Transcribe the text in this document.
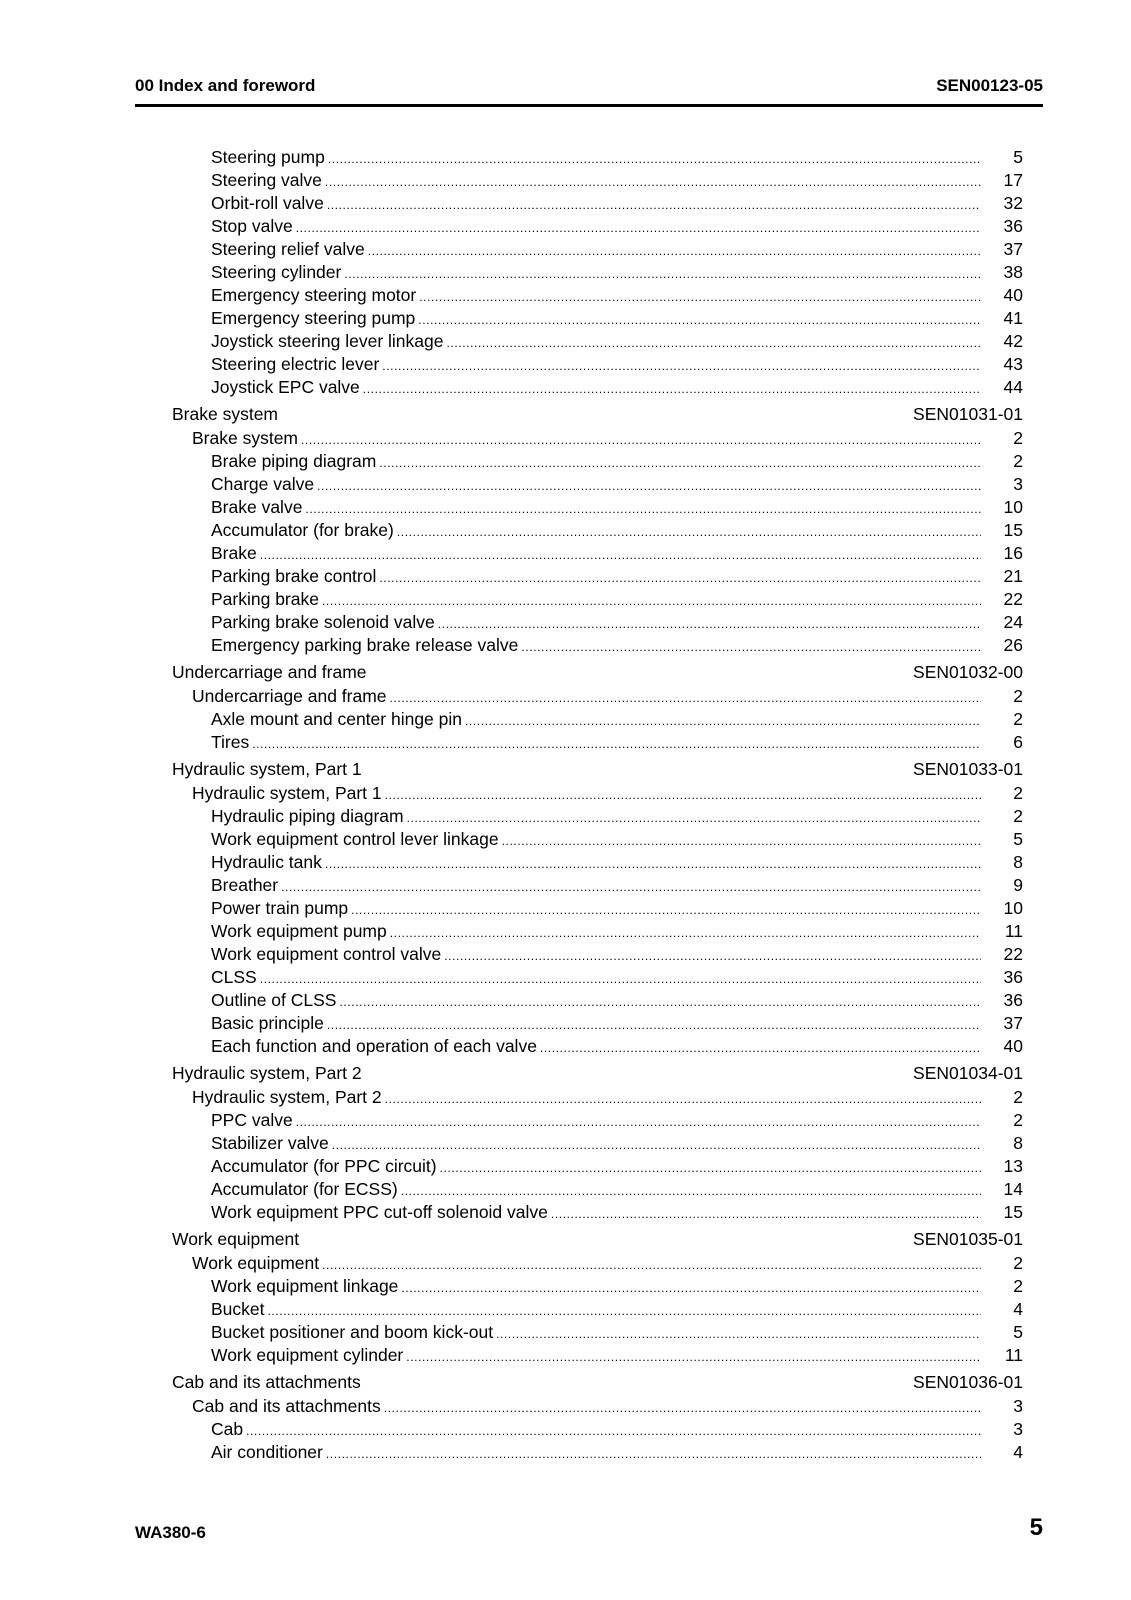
00 Index and foreword	SEN00123-05
Steering pump .....	5
Steering valve .....	17
Orbit-roll valve .....	32
Stop valve .....	36
Steering relief valve .....	37
Steering cylinder .....	38
Emergency steering motor .....	40
Emergency steering pump .....	41
Joystick steering lever linkage .....	42
Steering electric lever .....	43
Joystick EPC valve .....	44
Brake system	SEN01031-01
Brake system .....	2
Brake piping diagram .....	2
Charge valve .....	3
Brake valve .....	10
Accumulator (for brake) .....	15
Brake .....	16
Parking brake control .....	21
Parking brake .....	22
Parking brake solenoid valve .....	24
Emergency parking brake release valve .....	26
Undercarriage and frame	SEN01032-00
Undercarriage and frame .....	2
Axle mount and center hinge pin .....	2
Tires .....	6
Hydraulic system, Part 1	SEN01033-01
Hydraulic system, Part 1 .....	2
Hydraulic piping diagram .....	2
Work equipment control lever linkage .....	5
Hydraulic tank .....	8
Breather .....	9
Power train pump .....	10
Work equipment pump .....	11
Work equipment control valve .....	22
CLSS .....	36
Outline of CLSS .....	36
Basic principle .....	37
Each function and operation of each valve .....	40
Hydraulic system, Part 2	SEN01034-01
Hydraulic system, Part 2 .....	2
PPC valve .....	2
Stabilizer valve .....	8
Accumulator (for PPC circuit) .....	13
Accumulator (for ECSS) .....	14
Work equipment PPC cut-off solenoid valve .....	15
Work equipment	SEN01035-01
Work equipment .....	2
Work equipment linkage .....	2
Bucket .....	4
Bucket positioner and boom kick-out .....	5
Work equipment cylinder .....	11
Cab and its attachments	SEN01036-01
Cab and its attachments .....	3
Cab .....	3
Air conditioner .....	4
WA380-6	5
